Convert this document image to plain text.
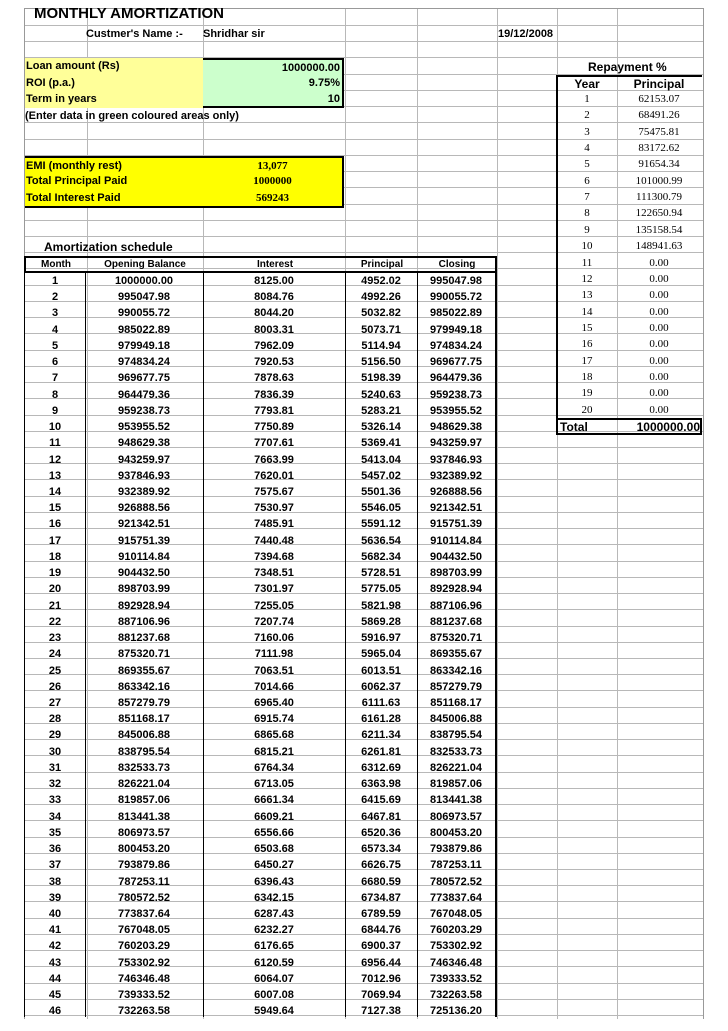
MONTHLY AMORTIZATION
Custmer's Name :-	Shridhar sir	19/12/2008
Loan amount (Rs)	1000000.00
ROI (p.a.)	9.75%
Term in years	10
(Enter data in green coloured areas only)
EMI (monthly rest)	13,077
Total Principal Paid	1000000
Total Interest Paid	569243
Amortization schedule
Month	Opening Balance	Interest	Principal	Closing
1	1000000.00	8125.00	4952.02	995047.98
2	995047.98	8084.76	4992.26	990055.72
3	990055.72	8044.20	5032.82	985022.89
4	985022.89	8003.31	5073.71	979949.18
5	979949.18	7962.09	5114.94	974834.24
6	974834.24	7920.53	5156.50	969677.75
7	969677.75	7878.63	5198.39	964479.36
8	964479.36	7836.39	5240.63	959238.73
9	959238.73	7793.81	5283.21	953955.52
10	953955.52	7750.89	5326.14	948629.38
11	948629.38	7707.61	5369.41	943259.97
12	943259.97	7663.99	5413.04	937846.93
13	937846.93	7620.01	5457.02	932389.92
14	932389.92	7575.67	5501.36	926888.56
15	926888.56	7530.97	5546.05	921342.51
16	921342.51	7485.91	5591.12	915751.39
17	915751.39	7440.48	5636.54	910114.84
18	910114.84	7394.68	5682.34	904432.50
19	904432.50	7348.51	5728.51	898703.99
20	898703.99	7301.97	5775.05	892928.94
21	892928.94	7255.05	5821.98	887106.96
22	887106.96	7207.74	5869.28	881237.68
23	881237.68	7160.06	5916.97	875320.71
24	875320.71	7111.98	5965.04	869355.67
25	869355.67	7063.51	6013.51	863342.16
26	863342.16	7014.66	6062.37	857279.79
27	857279.79	6965.40	6111.63	851168.17
28	851168.17	6915.74	6161.28	845006.88
29	845006.88	6865.68	6211.34	838795.54
30	838795.54	6815.21	6261.81	832533.73
31	832533.73	6764.34	6312.69	826221.04
32	826221.04	6713.05	6363.98	819857.06
33	819857.06	6661.34	6415.69	813441.38
34	813441.38	6609.21	6467.81	806973.57
35	806973.57	6556.66	6520.36	800453.20
36	800453.20	6503.68	6573.34	793879.86
37	793879.86	6450.27	6626.75	787253.11
38	787253.11	6396.43	6680.59	780572.52
39	780572.52	6342.15	6734.87	773837.64
40	773837.64	6287.43	6789.59	767048.05
41	767048.05	6232.27	6844.76	760203.29
42	760203.29	6176.65	6900.37	753302.92
43	753302.92	6120.59	6956.44	746346.48
44	746346.48	6064.07	7012.96	739333.52
45	739333.52	6007.08	7069.94	732263.58
46	732263.58	5949.64	7127.38	725136.20
Repayment %
Year	Principal
1	62153.07
2	68491.26
3	75475.81
4	83172.62
5	91654.34
6	101000.99
7	111300.79
8	122650.94
9	135158.54
10	148941.63
11	0.00
12	0.00
13	0.00
14	0.00
15	0.00
16	0.00
17	0.00
18	0.00
19	0.00
20	0.00
Total	1000000.00
